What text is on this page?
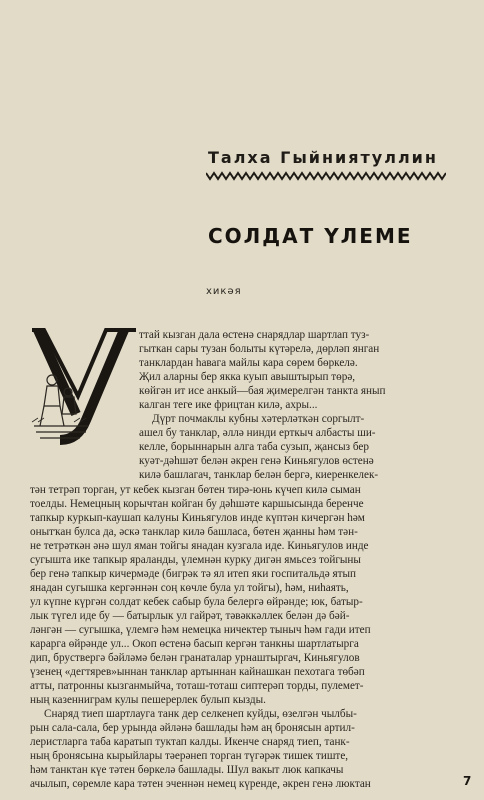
Талха Гыйниятуллин
СОЛДАТ ҮЛЕМЕ
хикәя
ттай кызган дала өстенә снарядлар шартлап туз-
гыткан сары тузан болыты күтәрелә, дөрләп янган
танклардан һавага майлы кара сөрем бөркелә.
Җил аларны бер якка куып авыштырып төрә,
көйгән ит исе анкый—бая җимерелгән танкта янып
калган теге ике фрицтан килә, ахры...
Дүрт почмаклы кубны хәтерләткән соргылт-
ашел бу танклар, әллә нинди ерткыч албасты ши-
келле, борыннарын алга таба сузып, җансыз бер
куәт-дәһшәт белән әкрен генә Киньягулов өстенә
килә башлагач, танклар белән бергә, киеренкелек-
тән тетрәп торган, ут кебек кызган бөтен тирә-юнь күчеп килә сыман
тоелды. Немецның корычтан койган бу дәһшәте каршысында беренче
тапкыр куркып-каушап калуны Киньягулов инде күптән кичергән һәм
онытҡан булса да, әскә танклар килә башласа, бөтен җанны һәм тән-
не тетрәткән әнә шул яман тойгы янадан кузгала иде. Киньягулов инде
сугышта ике тапкыр яраланды, үлемнән курку дигән ямьсез тойгыны
бер генә тапкыр кичермәде (бигрәк тә ял итеп яки госпитальдә ятып
янадан сугышка кергәннән соң көчле була ул тойгы), һәм, ниһаять,
ул күпне күргән солдат кебек сабыр була белергә өйрәнде; юк, батыр-
лык түгел иде бу — батырлык ул гайрәт, тәвәккәллек белән дә бәй-
ләнгән — сугышка, үлемгә һәм немецка ничектер тыныч һәм гади итеп
карарга өйрәнде ул... Окоп өстенә басып кергән танкны шартлатырга
дип, бруствергә бәйләмә белән гранаталар урнаштыргач, Киньягулов
үзенең «дегтярев»ыннан танклар артыннан кайнашкан пехотага төбәп
атты, патронны кызганмыйча, тоташ-тоташ сиптерәп торды, пулемет-
ның казенниграм кулы пешерерлек булып кызды.
Снаряд тиеп шартлауга танк дер селкенеп куйды, өзелгән чылбы-
рын сала-сала, бер урында әйләнә башлады һәм аң бронясын артил-
леристларга таба каратып туктап калды. Икенче снаряд тиеп, танк-
ның бронясына кырыйлары тәерәнеп торган түгәрәк тишек тиште,
һәм танктан күе тәтен бөркелә башлады. Шул вакыт люк капкачы
ачылып, сөремле кара тәтен эченнән немец күренде, әкрен генә люктан	7
